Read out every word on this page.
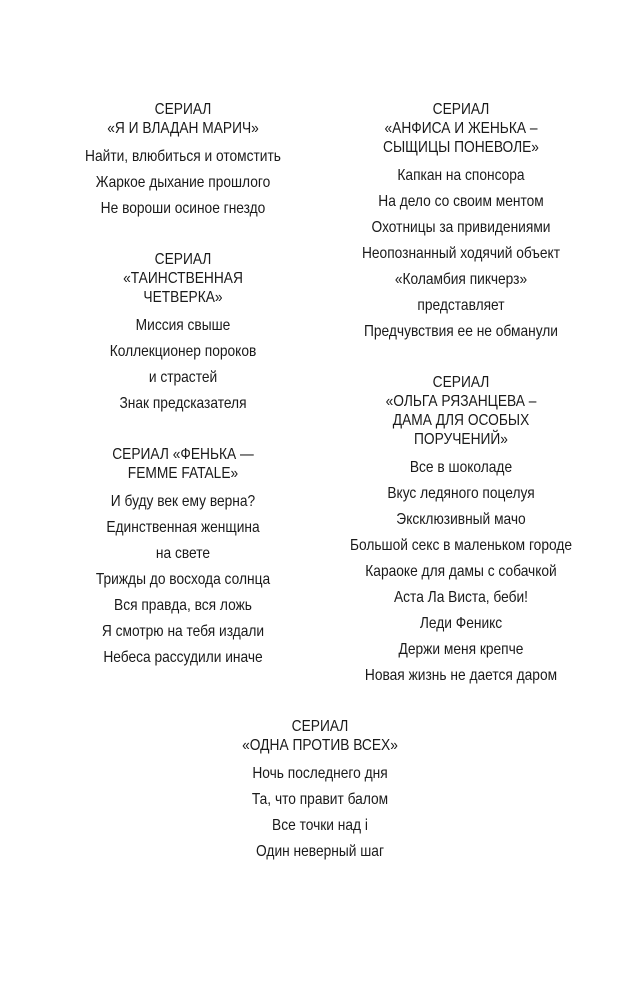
СЕРИАЛ
«Я И ВЛАДАН МАРИЧ»
Найти, влюбиться и отомстить
Жаркое дыхание прошлого
Не вороши осиное гнездо
СЕРИАЛ
«ТАИНСТВЕННАЯ
ЧЕТВЕРКА»
Миссия свыше
Коллекционер пороков
и страстей
Знак предсказателя
СЕРИАЛ «ФЕНЬКА —
FEMME FATALE»
И буду век ему верна?
Единственная женщина
на свете
Трижды до восхода солнца
Вся правда, вся ложь
Я смотрю на тебя издали
Небеса рассудили иначе
СЕРИАЛ
«АНФИСА И ЖЕНЬКА –
СЫЩИЦЫ ПОНЕВОЛЕ»
Капкан на спонсора
На дело со своим ментом
Охотницы за привидениями
Неопознанный ходячий объект
«Коламбия пикчерз»
представляет
Предчувствия ее не обманули
СЕРИАЛ
«ОЛЬГА РЯЗАНЦЕВА –
ДАМА ДЛЯ ОСОБЫХ
ПОРУЧЕНИЙ»
Все в шоколаде
Вкус ледяного поцелуя
Эксклюзивный мачо
Большой секс в маленьком городе
Караоке для дамы с собачкой
Аста Ла Виста, беби!
Леди Феникс
Держи меня крепче
Новая жизнь не дается даром
СЕРИАЛ
«ОДНА ПРОТИВ ВСЕХ»
Ночь последнего дня
Та, что правит балом
Все точки над і
Один неверный шаг
